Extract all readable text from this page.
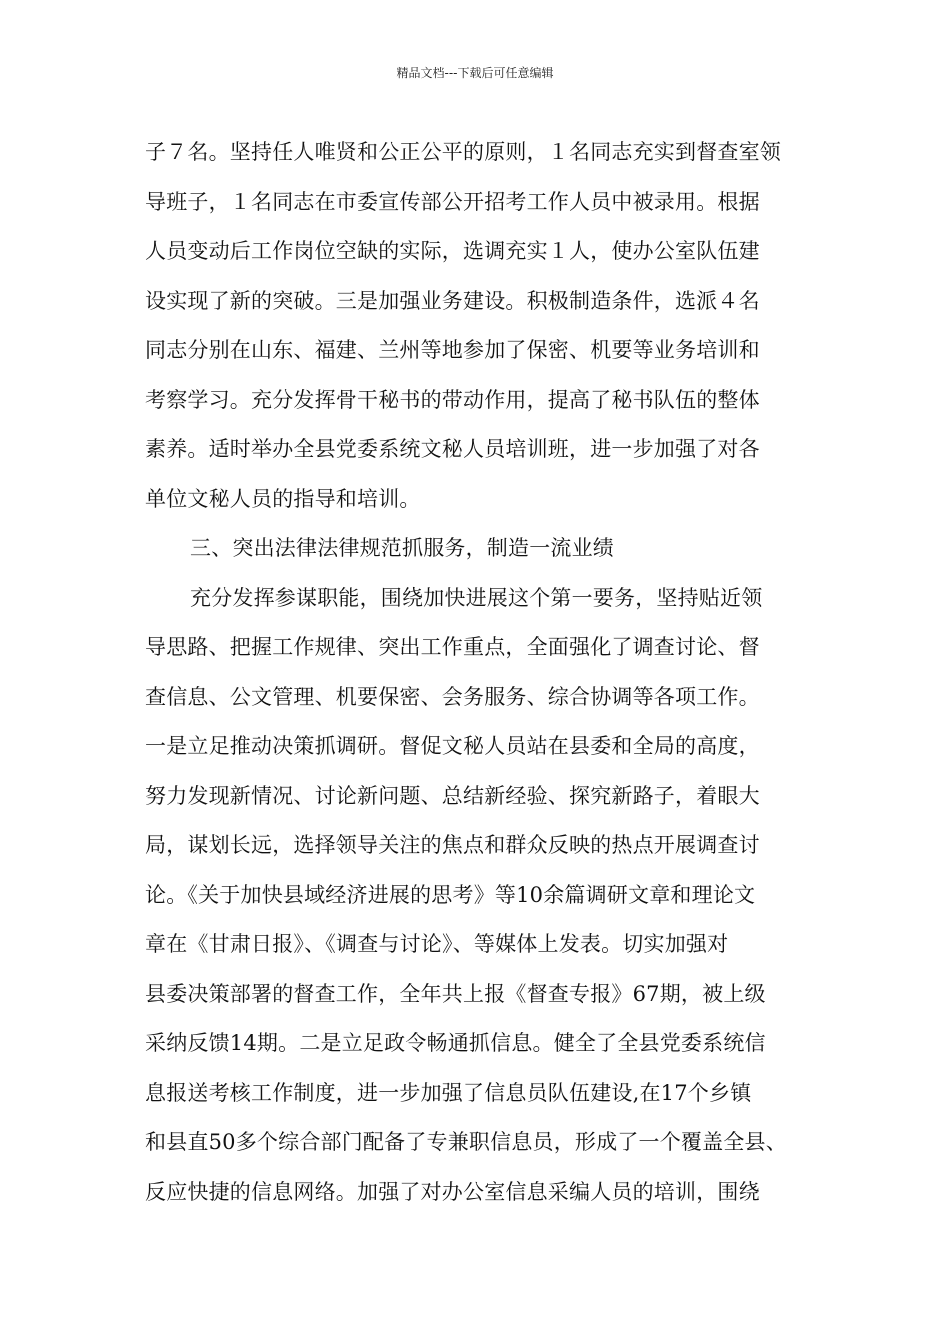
精品文档---下载后可任意编辑
子７名。坚持任人唯贤和公正公平的原则，１名同志充实到督查室领
导班子，１名同志在市委宣传部公开招考工作人员中被录用。根据
人员变动后工作岗位空缺的实际，选调充实１人，使办公室队伍建
设实现了新的突破。三是加强业务建设。积极制造条件，选派４名
同志分别在山东、福建、兰州等地参加了保密、机要等业务培训和
考察学习。充分发挥骨干秘书的带动作用，提高了秘书队伍的整体
素养。适时举办全县党委系统文秘人员培训班，进一步加强了对各
单位文秘人员的指导和培训。
三、突出法律法律规范抓服务，制造一流业绩
充分发挥参谋职能，围绕加快进展这个第一要务，坚持贴近领
导思路、把握工作规律、突出工作重点，全面强化了调查讨论、督
查信息、公文管理、机要保密、会务服务、综合协调等各项工作。
一是立足推动决策抓调研。督促文秘人员站在县委和全局的高度，
努力发现新情况、讨论新问题、总结新经验、探究新路子，着眼大
局，谋划长远，选择领导关注的焦点和群众反映的热点开展调查讨
论。《关于加快县域经济进展的思考》等10余篇调研文章和理论文
章在《甘肃日报》、《调查与讨论》、等媒体上发表。切实加强对
县委决策部署的督查工作，全年共上报《督查专报》67期，被上级
采纳反馈14期。二是立足政令畅通抓信息。健全了全县党委系统信
息报送考核工作制度，进一步加强了信息员队伍建设,在17个乡镇
和县直50多个综合部门配备了专兼职信息员，形成了一个覆盖全县、
反应快捷的信息网络。加强了对办公室信息采编人员的培训，围绕
